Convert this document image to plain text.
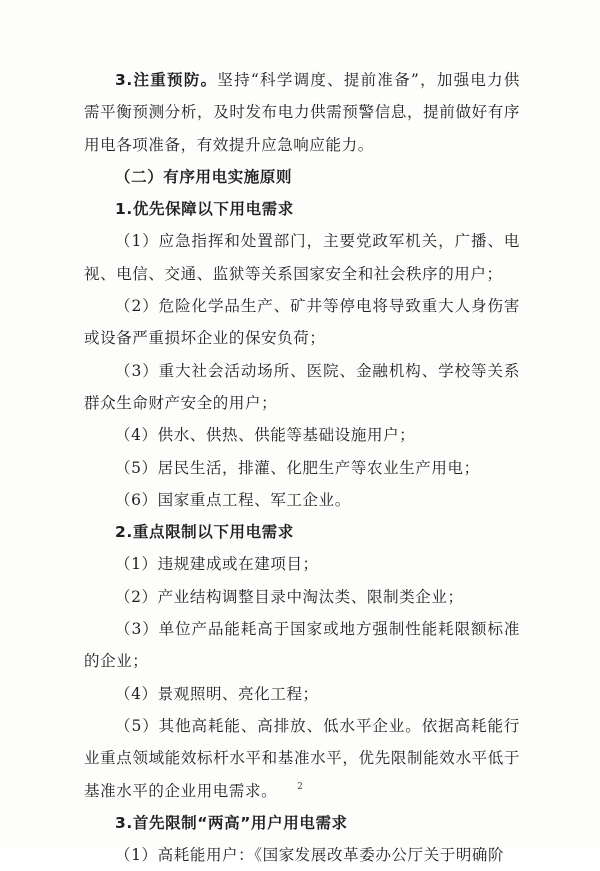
3.注重预防。坚持“科学调度、提前准备”，加强电力供需平衡预测分析，及时发布电力供需预警信息，提前做好有序用电各项准备，有效提升应急响应能力。

（二）有序用电实施原则

1.优先保障以下用电需求

（1）应急指挥和处置部门，主要党政军机关，广播、电视、电信、交通、监狱等关系国家安全和社会秩序的用户；

（2）危险化学品生产、矿井等停电将导致重大人身伤害或设备严重损坏企业的保安负荷；

（3）重大社会活动场所、医院、金融机构、学校等关系群众生命财产安全的用户；

（4）供水、供热、供能等基础设施用户；

（5）居民生活，排灌、化肥生产等农业生产用电；

（6）国家重点工程、军工企业。

2.重点限制以下用电需求

（1）违规建成或在建项目；

（2）产业结构调整目录中淘汰类、限制类企业；

（3）单位产品能耗高于国家或地方强制性能耗限额标准的企业；

（4）景观照明、亮化工程；

（5）其他高耗能、高排放、低水平企业。依据高耗能行业重点领域能效标杆水平和基准水平，优先限制能效水平低于基准水平的企业用电需求。

3.首先限制“两高”用户用电需求

（1）高耗能用户：《国家发展改革委办公厅关于明确阶

2
